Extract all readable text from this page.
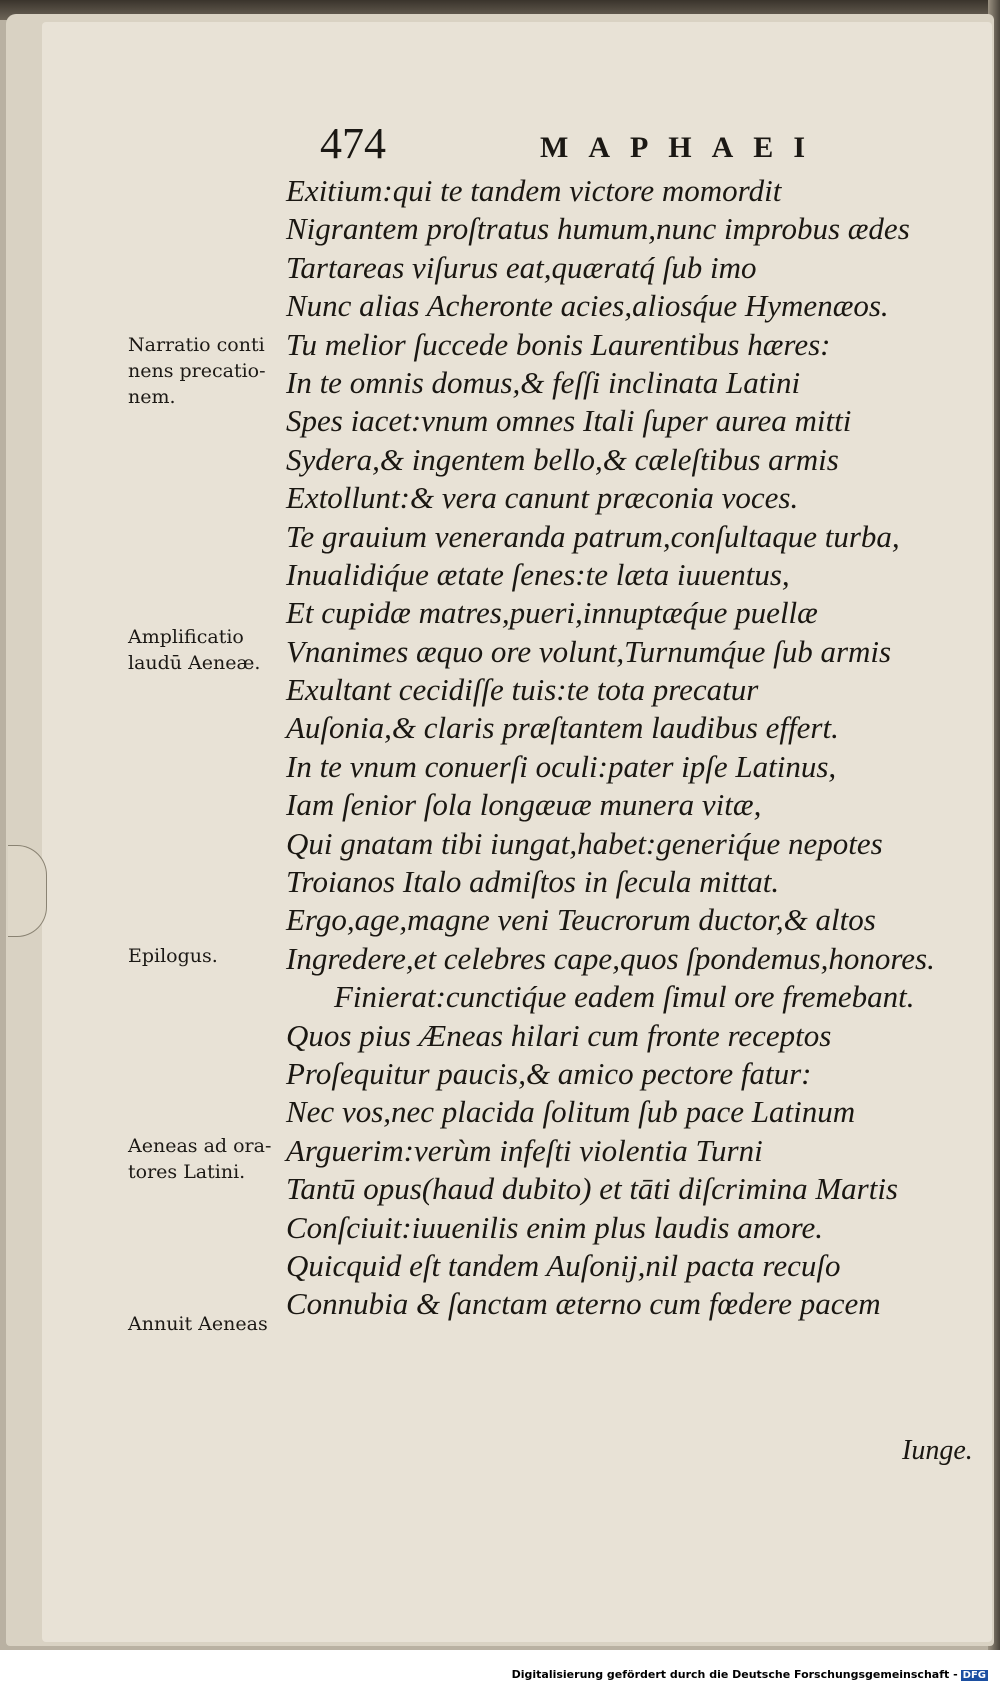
474	MAPHAEI
Exitium:qui te tandem victore momordit
Nigrantem proſtratus humum,nunc improbus ædes
Tartareas viſurus eat,quæratq́ ſub imo
Nunc alias Acheronte acies,aliosq́ue Hymenæos.
Tu melior ſuccede bonis Laurentibus hæres:
In te omnis domus,& feſſi inclinata Latini
Spes iacet:vnum omnes Itali ſuper aurea mitti
Sydera,& ingentem bello,& cæleſtibus armis
Extollunt:& vera canunt præconia voces.
Te grauium veneranda patrum,conſultaque turba,
Inualidiq́ue ætate ſenes:te læta iuuentus,
Et cupidæ matres,pueri,innuptæq́ue puellæ
Vnanimes æquo ore volunt,Turnumq́ue ſub armis
Exultant cecidiſſe tuis:te tota precatur
Auſonia,& claris præſtantem laudibus effert.
In te vnum conuerſi oculi:pater ipſe Latinus,
Iam ſenior ſola longæuæ munera vitæ,
Qui gnatam tibi iungat,habet:generiq́ue nepotes
Troianos Italo admiſtos in ſecula mittat.
Ergo,age,magne veni Teucrorum ductor,& altos
Ingredere,et celebres cape,quos ſpondemus,honores.
Finierat:cunctiq́ue eadem ſimul ore fremebant.
Quos pius Æneas hilari cum fronte receptos
Proſequitur paucis,& amico pectore fatur:
Nec vos,nec placida ſolitum ſub pace Latinum
Arguerim:verùm infeſti violentia Turni
Tantū opus(haud dubito) et tāti diſcrimina Martis
Conſciuit:iuuenilis enim plus laudis amore.
Quicquid eſt tandem Auſonij,nil pacta recuſo
Connubia & ſanctam æterno cum fœdere pacem
Iunge.
Narratio conti
nens precatio-
nem.
Amplificatio
laudū Aeneæ.
Epilogus.
Aeneas ad ora-
tores Latini.
Annuit Aeneas
Digitalisierung gefördert durch die Deutsche Forschungsgemeinschaft - DFG
